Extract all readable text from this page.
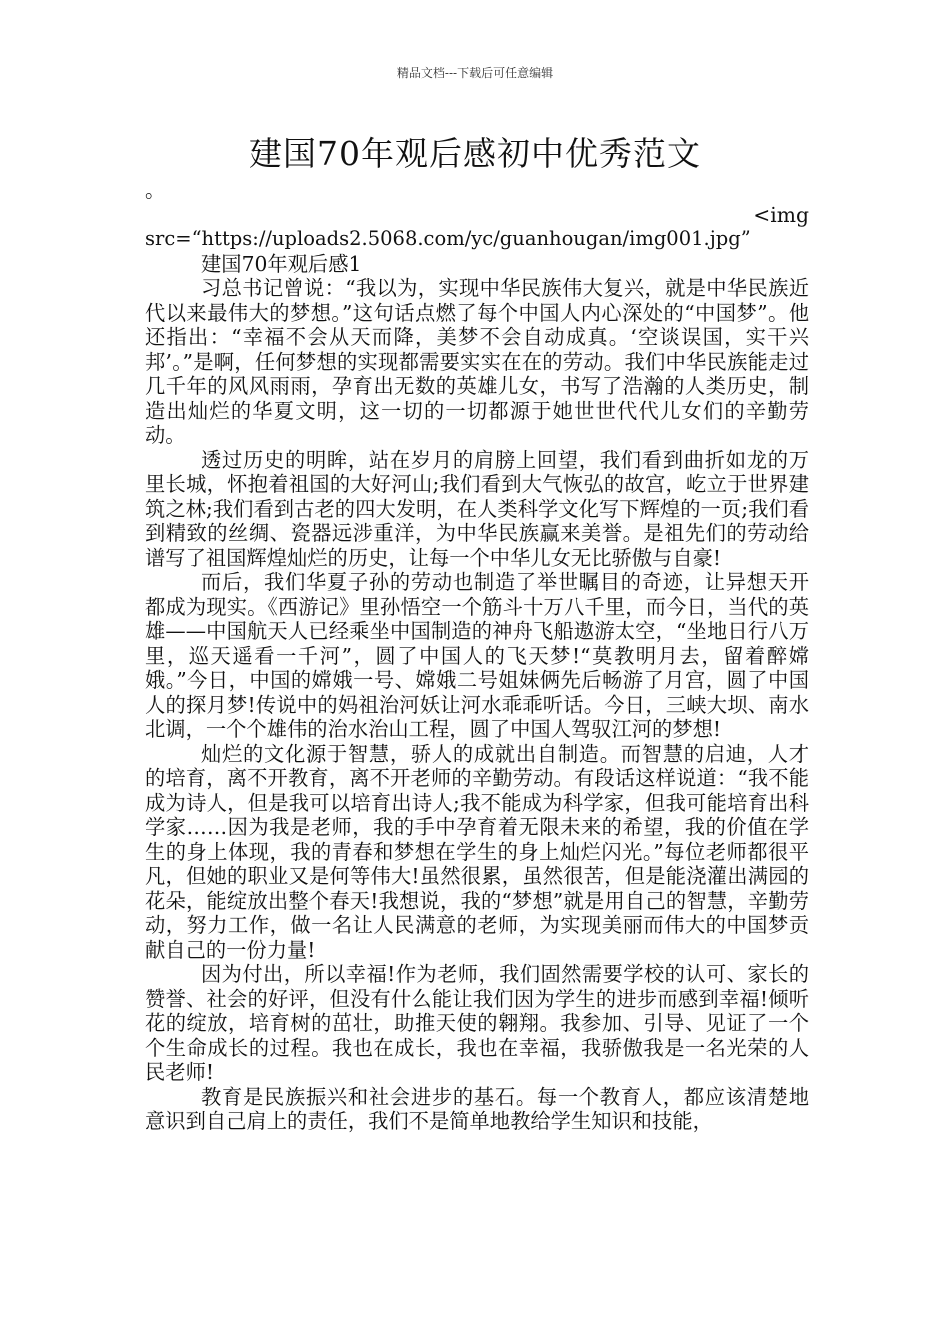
精品文档---下载后可任意编辑
建国70年观后感初中优秀范文
。
<img
src=“https://uploads2.5068.com/yc/guanhougan/img001.jpg”
建国70年观后感1

习总书记曾说：“我以为，实现中华民族伟大复兴，就是中华民族近代以来最伟大的梦想。”这句话点燃了每个中国人内心深处的“中国梦”。他还指出：“幸福不会从天而降，美梦不会自动成真。‘空谈误国，实干兴邦’。”是啊，任何梦想的实现都需要实实在在的劳动。我们中华民族能走过几千年的风风雨雨，孕育出无数的英雄儿女，书写了浩瀚的人类历史，制造出灿烂的华夏文明，这一切的一切都源于她世世代代儿女们的辛勤劳动。

透过历史的明眸，站在岁月的肩膀上回望，我们看到曲折如龙的万里长城，怀抱着祖国的大好河山;我们看到大气恢弘的故宫，屹立于世界建筑之林;我们看到古老的四大发明，在人类科学文化写下辉煌的一页;我们看到精致的丝绸、瓷器远涉重洋，为中华民族赢来美誉。是祖先们的劳动给谱写了祖国辉煌灿烂的历史，让每一个中华儿女无比骄傲与自豪!

而后，我们华夏子孙的劳动也制造了举世瞩目的奇迹，让异想天开都成为现实。《西游记》里孙悟空一个筋斗十万八千里，而今日，当代的英雄——中国航天人已经乘坐中国制造的神舟飞船遨游太空，“坐地日行八万里，巡天遥看一千河”，圆了中国人的飞天梦!“莫教明月去，留着醉嫦娥。”今日，中国的嫦娥一号、嫦娥二号姐妹俩先后畅游了月宫，圆了中国人的探月梦!传说中的妈祖治河妖让河水乖乖听话。今日，三峡大坝、南水北调，一个个雄伟的治水治山工程，圆了中国人驾驭江河的梦想!

灿烂的文化源于智慧，骄人的成就出自制造。而智慧的启迪，人才的培育，离不开教育，离不开老师的辛勤劳动。有段话这样说道：“我不能成为诗人，但是我可以培育出诗人;我不能成为科学家，但我可能培育出科学家……因为我是老师，我的手中孕育着无限未来的希望，我的价值在学生的身上体现，我的青春和梦想在学生的身上灿烂闪光。”每位老师都很平凡，但她的职业又是何等伟大!虽然很累，虽然很苦，但是能浇灌出满园的花朵，能绽放出整个春天!我想说，我的“梦想”就是用自己的智慧，辛勤劳动，努力工作，做一名让人民满意的老师，为实现美丽而伟大的中国梦贡献自己的一份力量!

因为付出，所以幸福!作为老师，我们固然需要学校的认可、家长的赞誉、社会的好评，但没有什么能让我们因为学生的进步而感到幸福!倾听花的绽放，培育树的茁壮，助推天使的翱翔。我参加、引导、见证了一个个生命成长的过程。我也在成长，我也在幸福，我骄傲我是一名光荣的人民老师!

教育是民族振兴和社会进步的基石。每一个教育人，都应该清楚地意识到自己肩上的责任，我们不是简单地教给学生知识和技能，
